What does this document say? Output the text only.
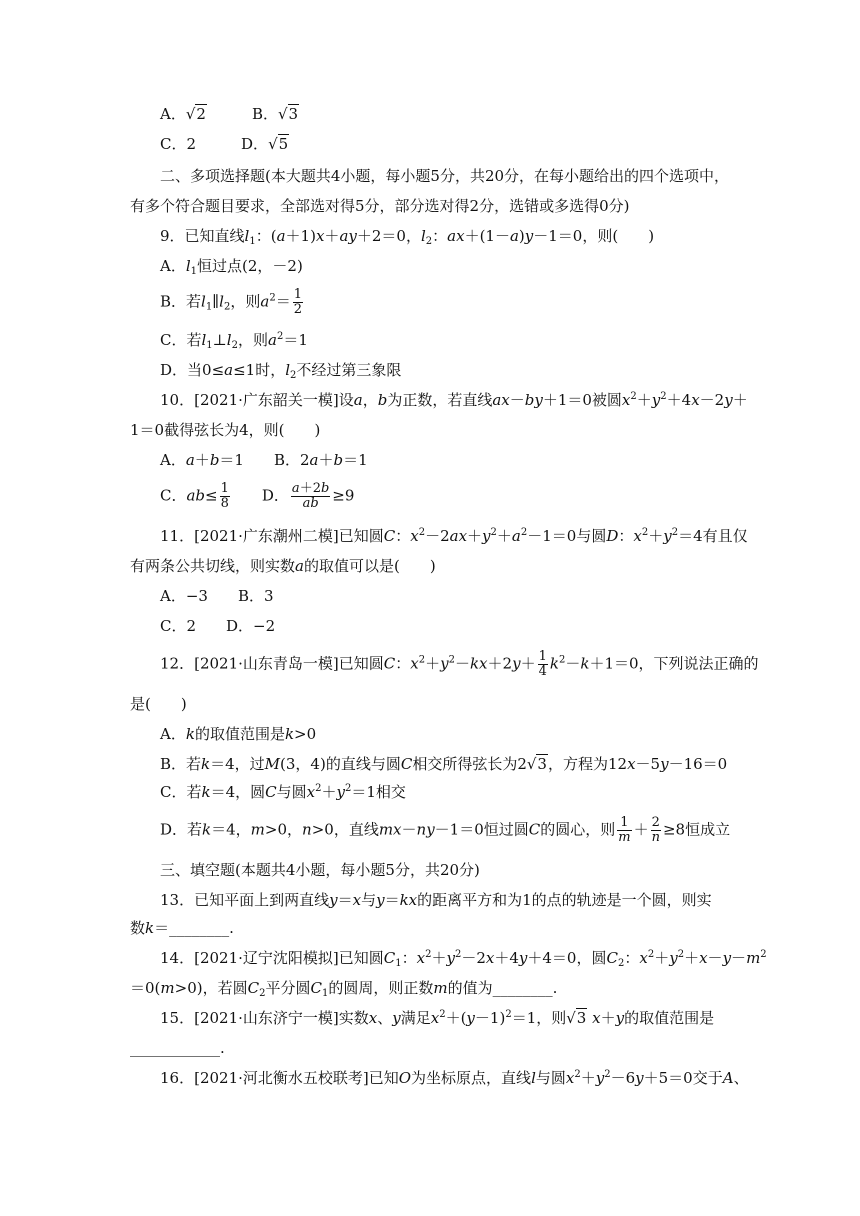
A．√2　　　B．√3
C．2　　　D．√5
二、多项选择题(本大题共4小题，每小题5分，共20分，在每小题给出的四个选项中，
有多个符合题目要求，全部选对得5分，部分选对得2分，选错或多选得0分)
9．已知直线$l_1$：(a＋1)x＋ay＋2＝0，$l_2$：ax＋(1－a)y－1＝0，则(　　)
A．$l_1$恒过点(2，－2)
B．若$l_1\parallel l_2$，则$a^2= \frac{1}{2}$
C．若$l_1\perp l_2$，则$a^2=1$
D．当0≤a≤1时，$l_2$不经过第三象限
10．[2021·广东韶关一模]设a，b为正数，若直线ax－by＋1＝0被圆$x^2+y^2+4x-2y+$
1＝0截得弦长为4，则(　　)
A．a＋b＝1　　B．2a＋b＝1
C．$ab\le \frac{1}{8}$ 　　D． $\frac{a+2b}{ab} \ge 9$
11．[2021·广东潮州二模]已知圆C：$x^2-2ax+y^2+a^2-1=0$与圆D：$x^2+y^2=4$有且仅
有两条公共切线，则实数a的取值可以是(　　)
A．−3　　B．3
C．2　　D．−2
12．[2021·山东青岛一模]已知圆C：$x^2+y^2-kx+2y+ \frac{1}{4} k^2-k+1=0$，下列说法正确的
是(　　)
A．k的取值范围是k>0
B．若k＝4，过M(3，4)的直线与圆C相交所得弦长为2√3，方程为12x－5y－16＝0
C．若k＝4，圆C与圆$x^2+y^2=1$相交
D．若k＝4，m>0，n>0，直线mx－ny－1＝0恒过圆C的圆心，则 $\frac{1}{m} + \frac{2}{n} \ge 8$恒成立
三、填空题(本题共4小题，每小题5分，共20分)
13．已知平面上到两直线y＝x与y＝kx的距离平方和为1的点的轨迹是一个圆，则实
数k＝________.
14．[2021·辽宁沈阳模拟]已知圆$C_1$：$x^2+y^2-2x+4y+4=0$，圆$C_2$：$x^2+y^2+x-y-m^2$
＝0(m>0)，若圆$C_2$平分圆$C_1$的圆周，则正数m的值为________.
15．[2021·山东济宁一模]实数x、y满足$x^2+(y-1)^2=1$，则√3 x＋y的取值范围是
____________.
16．[2021·河北衡水五校联考]已知O为坐标原点，直线l与圆$x^2+y^2-6y+5=0$交于A、
